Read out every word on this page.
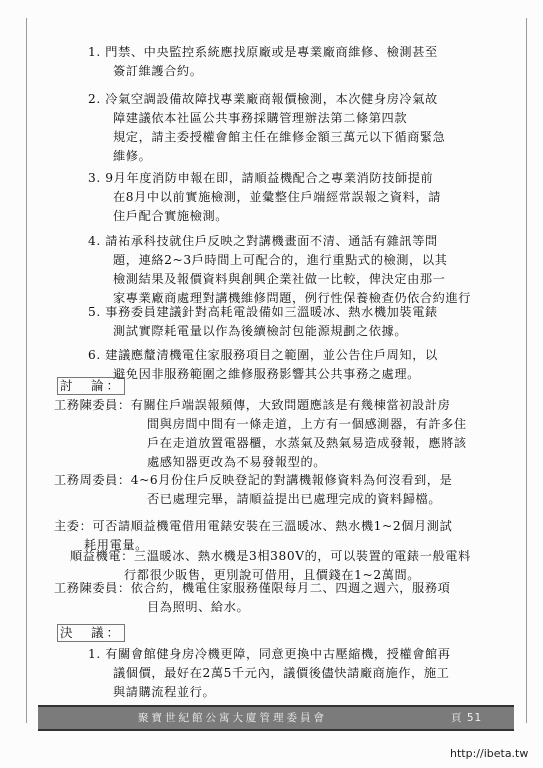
1. 門禁、中央監控系統應找原廠或是專業廠商維修、檢測甚至
簽訂維護合約。
2. 冷氣空調設備故障找專業廠商報價檢測，本次健身房冷氣故
障建議依本社區公共事務採購管理辦法第二條第四款
規定，請主委授權會館主任在維修金額三萬元以下循商緊急
維修。
3. 9月年度消防申報在即，請順益機配合之專業消防技師提前
在8月中以前實施檢測，並彙整住戶端經常誤報之資料，請
住戶配合實施檢測。
4. 請祐承科技就住戶反映之對講機畫面不清、通話有雜訊等問
題，連絡2~3戶時間上可配合的，進行重點式的檢測，以其
檢測結果及報價資料與創興企業社做一比較，俾決定由那一
家專業廠商處理對講機維修問題，例行性保養檢查仍依合約進行
5. 事務委員建議針對高耗電設備如三溫暖冰、熱水機加裝電錶
測試實際耗電量以作為後續檢討包能源規劃之依據。
6. 建議應釐清機電住家服務項目之範圍，並公告住戶周知，以
避免因非服務範圍之維修服務影響其公共事務之處理。
討　論：
工務陳委員：有關住戶端誤報頻傳，大致問題應該是有幾棟當初設計房
間與房間中間有一條走道，上方有一個感測器，有許多住
戶在走道放置電器櫃，水蒸氣及熱氣易造成發報，應將該
處感知器更改為不易發報型的。
工務周委員：4~6月份住戶反映登記的對講機報修資料為何沒看到，是
否已處理完畢，請順益提出已處理完成的資料歸檔。
主委：可否請順益機電借用電錶安裝在三溫暖冰、熱水機1~2個月測試
耗用電量。
順益機電：三溫暖冰、熱水機是3相380V的，可以裝置的電錶一般電料
行都很少販售，更別說可借用，且價錢在1~2萬間。
工務陳委員：依合約，機電住家服務僅限每月二、四週之週六，服務項
目為照明、給水。
決　議：
1. 有關會館健身房冷機更障，同意更換中古壓縮機，授權會館再
議個價，最好在2萬5千元內，議價後儘快請廠商施作，施工
與請購流程並行。
聚寶世紀館公寓大廈管理委員會	頁 51
http://ibeta.tw
